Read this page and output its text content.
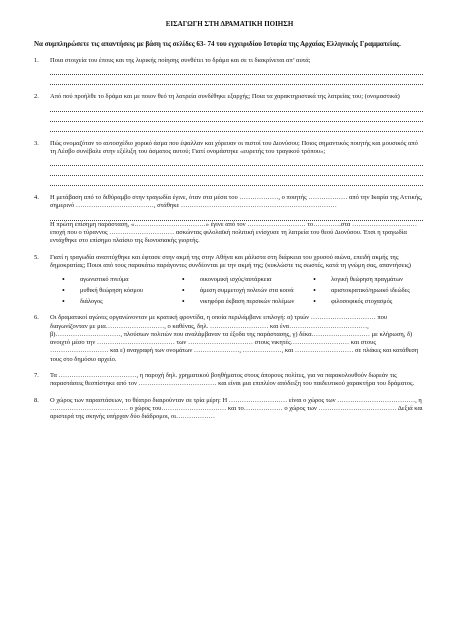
ΕΙΣΑΓΩΓΗ ΣΤΗ ΔΡΑΜΑΤΙΚΗ ΠΟΙΗΣΗ
Να συμπληρώσετε τις απαντήσεις με βάση τις σελίδες 63- 74 του εγχειριδίου Ιστορία της Αρχαίας Ελληνικής Γραμματείας.
1. Ποια στοιχεία του έπους και της λυρικής ποίησης συνθέτει το δράμα και σε τι διακρίνεται απ’ αυτά;
2. Από πού προήλθε το δράμα και με ποιον θεό τη λατρεία συνδέθηκε εξαρχής; Ποια τα χαρακτηριστικά της λατρείας του; (ονομαστικά)
3. Πώς ονομαζόταν το αυτοσχέδιο χορικό άσμα που έψαλλαν και χόρευαν οι πιστοί του Διονύσου; Ποιος σημαντικός ποιητής και μουσικός από τη Λέσβο συνέβαλε στην εξέλιξη του άσματος αυτού; Γιατί ονομάστηκε «ευρετής του τραγικού τρόπου»;
4. Η μετάβαση από το διθύραμβο στην τραγωδία έγινε, όταν στα μέσα του ………………, ο ποιητής ……………… από την Ικαρία της Αττικής, σημερινό ………………………………, στάθηκε ………………………………………………………………
Η πρώτη επίσημη παράσταση, «……………………………» έγινε από τον ……………………… το………….στα ………………………… εποχή που ο τύραννος ………………………… ασκώντας φιλολαϊκή πολιτική ενίσχυσε τη λατρεία του θεού Διονύσου. Έτσι η τραγωδία εντάχθηκε στο επίσημο πλαίσιο της διονυσιακής γιορτής.
5. Γιατί η τραγωδία αναπτύχθηκε και έφτασε στην ακμή της στην Αθήνα και μάλιστα στη διάρκεια του χρυσού αιώνα, επειδή ακμής της δημοκρατίας; Ποιοι από τους παρακάτω παράγοντες συνδέονται με την ακμή της; (κυκλώστε τις σωστές, κατά τη γνώμη σας, απαντήσεις)
• αγωνιστικό πνεύμα	• οικονομική ισχύς/αυτάρκεια	• λογική θεώρηση πραγμάτων
• μυθική θεώρηση κόσμου	• άμεση συμμετοχή πολιτών στα κοινά	• αριστοκρατικό/ηρωικό ιδεώδες
• διάλογος	• νικηφόρα έκβαση περσικών πολέμων	• φιλοσοφικός στοχασμός
6. Οι δραματικοί αγώνες οργανώνονταν με κρατική φροντίδα, η οποία περιλάμβανε επιλογή: α) τριών ………………………… που διαγωνίζονταν με μια………………………, ο καθένας, δηλ. ……………………… και ένα………………………………, β)…………………………, πλούσιων πολιτών που αναλάμβαναν τα έξοδα της παράστασης, γ) δέκα……………………… με κλήρωση, δ) ανοιχτό μέσο την ……………………………… των ………………………… στους νικητές……………………… και στους ……………………… και ε) αναγραφή των ονομάτων …………………, ………………, και ……………………… σε πλάκες και κατάθεση τους στο δημόσιο αρχείο.
7. Τα ………………………………, η παροχή δηλ. χρηματικού βοηθήματος στους άπορους πολίτες, για να παρακολουθούν δωρεάν τις παραστάσεις θεσπίστηκε από τον ……………………………… και είναι μια επιπλέον απόδειξη του παιδευτικού χαρακτήρα του δράματος.
8. Ο χώρος των παραστάσεων, το θέατρο διαιρούνταν σε τρία μέρη: Η ……………………… είναι ο χώρος των ………………………………, η ……………………………… ο χώρος του………………………… και το……………… ο χώρος των ……………………………… Δεξιά και αριστερά της σκηνής υπήρχαν δύο διάδρομοι, οι………………
